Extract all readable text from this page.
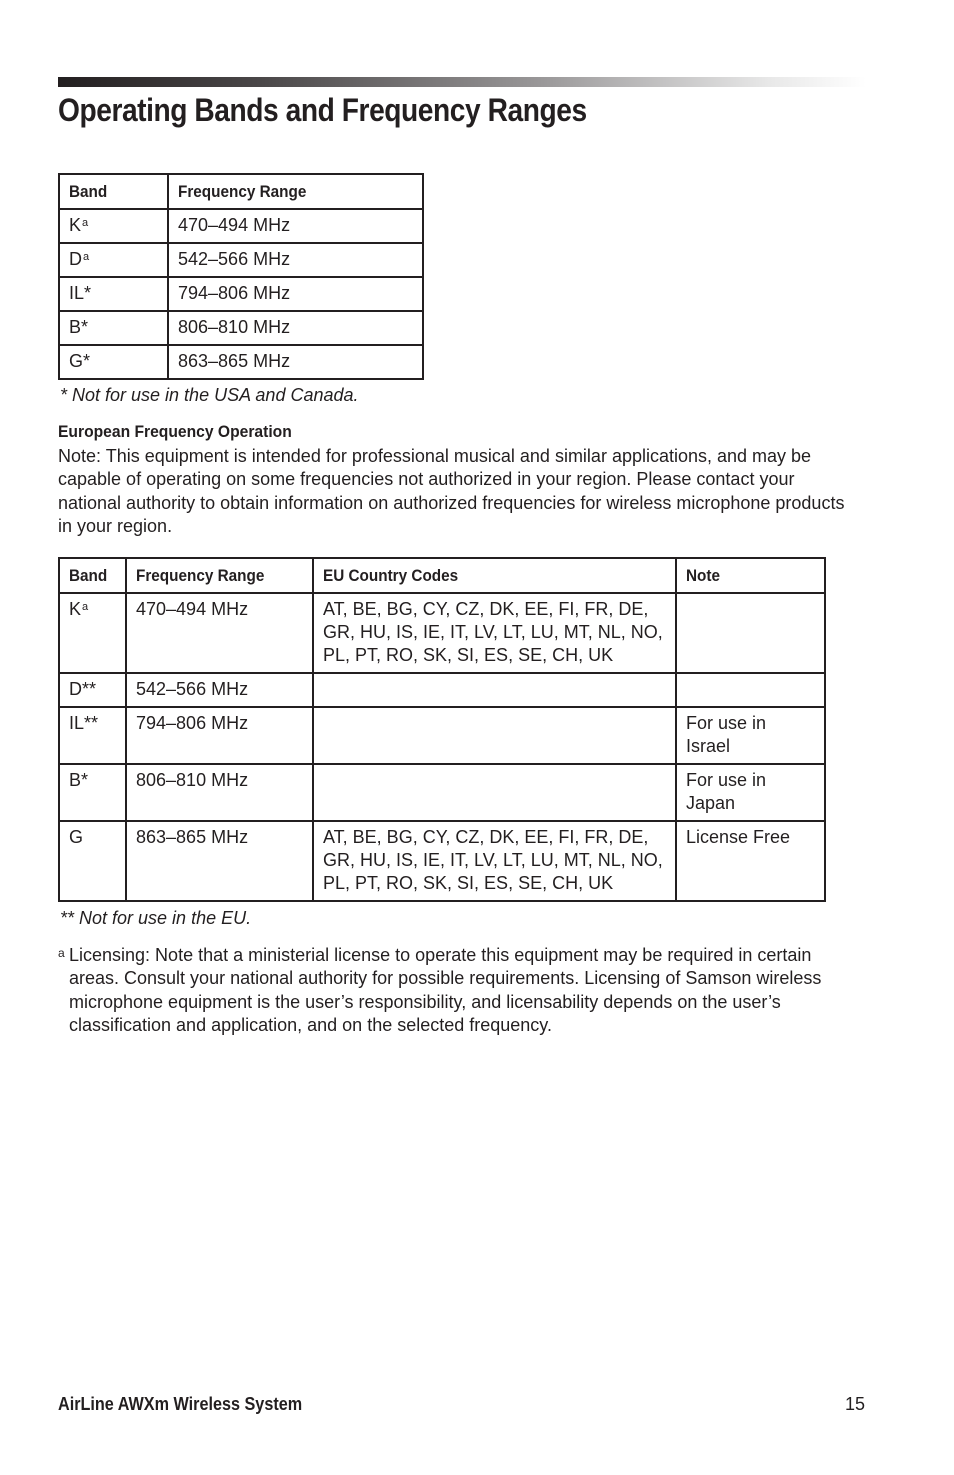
Operating Bands and Frequency Ranges
Band	Frequency Range
$K^a$	470–494 MHz
$D^a$	542–566 MHz
IL*	794–806 MHz
B*	806–810 MHz
G*	863–865 MHz
* Not for use in the USA and Canada.
European Frequency Operation

Note: This equipment is intended for professional musical and similar applications, and may be capable of operating on some frequencies not authorized in your region. Please contact your national authority to obtain information on authorized frequencies for wireless microphone products in your region.

Band	Frequency Range	EU Country Codes	Note
$K^a$	470–494 MHz	AT, BE, BG, CY, CZ, DK, EE, FI, FR, DE, GR, HU, IS, IE, IT, LV, LT, LU, MT, NL, NO, PL, PT, RO, SK, SI, ES, SE, CH, UK	
D**	542–566 MHz		
IL**	794–806 MHz		For use in Israel
B*	806–810 MHz		For use in Japan
G	863–865 MHz	AT, BE, BG, CY, CZ, DK, EE, FI, FR, DE, GR, HU, IS, IE, IT, LV, LT, LU, MT, NL, NO, PL, PT, RO, SK, SI, ES, SE, CH, UK	License Free
** Not for use in the EU.
a Licensing: Note that a ministerial license to operate this equipment may be required in certain areas. Consult your national authority for possible requirements. Licensing of Samson wireless microphone equipment is the user’s responsibility, and licensability depends on the user’s classification and application, and on the selected frequency.
AirLine AWXm Wireless System	15
